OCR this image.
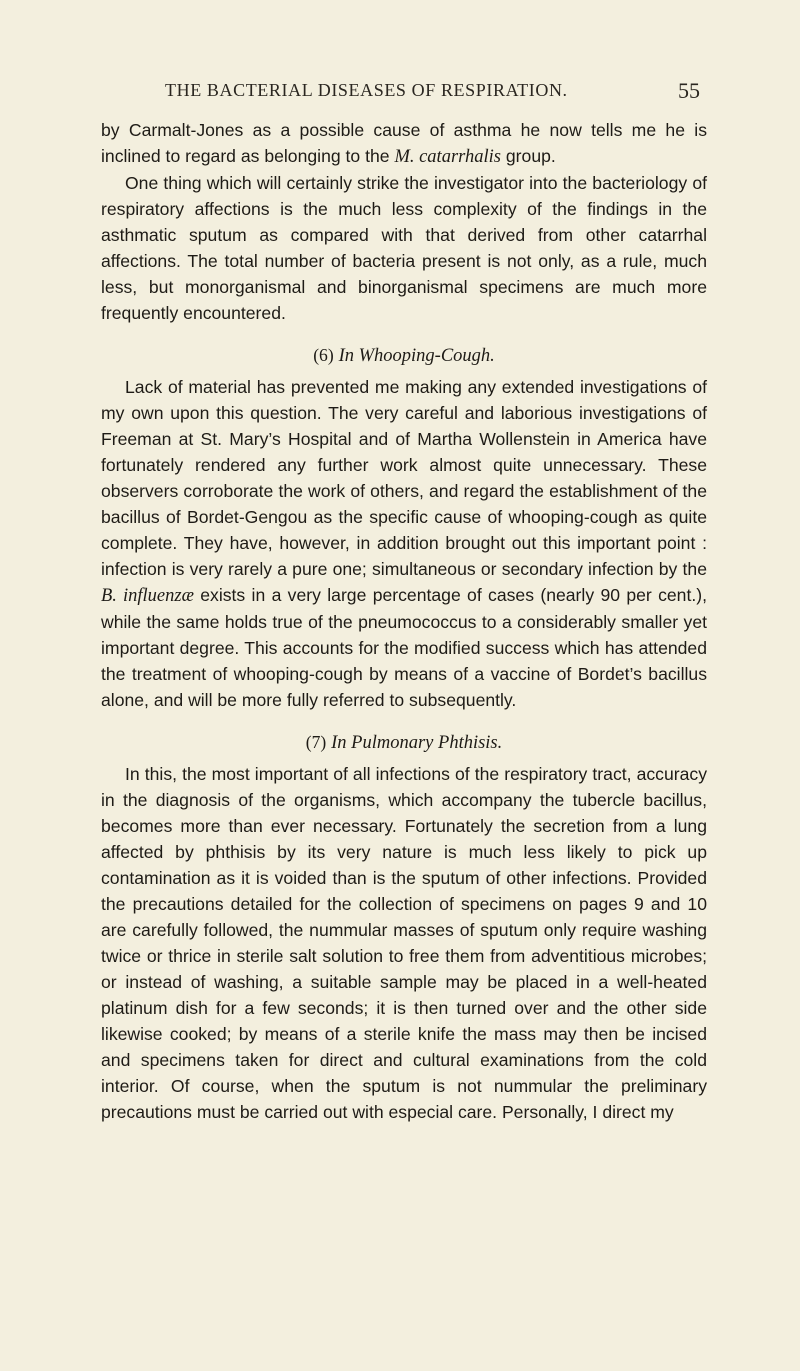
THE BACTERIAL DISEASES OF RESPIRATION.	55

by Carmalt-Jones as a possible cause of asthma he now tells me he is inclined to regard as belonging to the M. catarrhalis group.

One thing which will certainly strike the investigator into the bacteriology of respiratory affections is the much less complexity of the findings in the asthmatic sputum as compared with that derived from other catarrhal affections. The total number of bacteria present is not only, as a rule, much less, but monorganismal and binorganismal specimens are much more frequently encountered.

(6) In Whooping-Cough.

Lack of material has prevented me making any extended investigations of my own upon this question. The very careful and laborious investigations of Freeman at St. Mary’s Hospital and of Martha Wollenstein in America have fortunately rendered any further work almost quite unnecessary. These observers corroborate the work of others, and regard the establishment of the bacillus of Bordet-Gengou as the specific cause of whooping-cough as quite complete. They have, however, in addition brought out this important point : infection is very rarely a pure one; simultaneous or secondary infection by the B. influenzæ exists in a very large percentage of cases (nearly 90 per cent.), while the same holds true of the pneumococcus to a considerably smaller yet important degree. This accounts for the modified success which has attended the treatment of whooping-cough by means of a vaccine of Bordet’s bacillus alone, and will be more fully referred to subsequently.

(7) In Pulmonary Phthisis.

In this, the most important of all infections of the respiratory tract, accuracy in the diagnosis of the organisms, which accompany the tubercle bacillus, becomes more than ever necessary. Fortunately the secretion from a lung affected by phthisis by its very nature is much less likely to pick up contamination as it is voided than is the sputum of other infections. Provided the precautions detailed for the collection of specimens on pages 9 and 10 are carefully followed, the nummular masses of sputum only require washing twice or thrice in sterile salt solution to free them from adventitious microbes; or instead of washing, a suitable sample may be placed in a well-heated platinum dish for a few seconds; it is then turned over and the other side likewise cooked; by means of a sterile knife the mass may then be incised and specimens taken for direct and cultural examinations from the cold interior. Of course, when the sputum is not nummular the preliminary precautions must be carried out with especial care. Personally, I direct my
